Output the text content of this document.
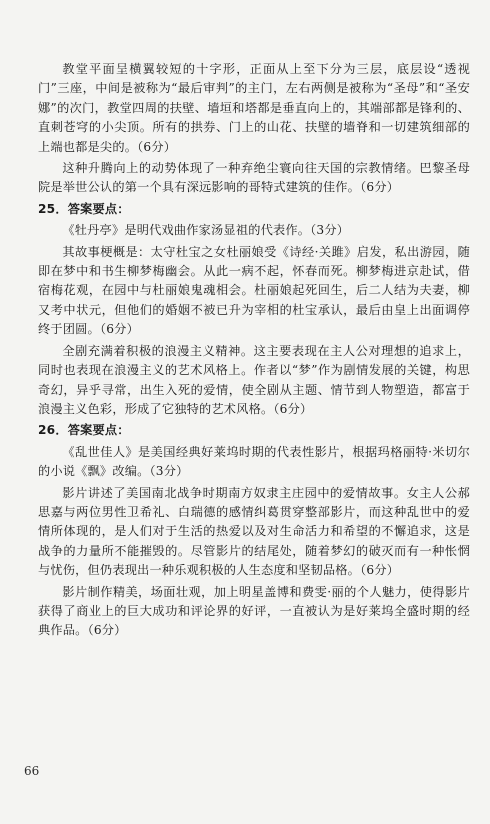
教堂平面呈横翼较短的十字形，正面从上至下分为三层，底层设“透视门”三座，中间是被称为“最后审判”的主门，左右两侧是被称为“圣母”和“圣安娜”的次门，教堂四周的扶壁、墙垣和塔都是垂直向上的，其端部都是锋利的、直刺苍穹的小尖顶。所有的拱券、门上的山花、扶壁的墙脊和一切建筑细部的上端也都是尖的。（6分）

这种升腾向上的动势体现了一种弃绝尘寰向往天国的宗教情绪。巴黎圣母院是举世公认的第一个具有深远影响的哥特式建筑的佳作。（6分）

25．答案要点：

《牡丹亭》是明代戏曲作家汤显祖的代表作。（3分）

其故事梗概是：太守杜宝之女杜丽娘受《诗经·关雎》启发，私出游园，随即在梦中和书生柳梦梅幽会。从此一病不起，怀春而死。柳梦梅进京赴试，借宿梅花观，在园中与杜丽娘鬼魂相会。杜丽娘起死回生，后二人结为夫妻，柳又考中状元，但他们的婚姻不被已升为宰相的杜宝承认，最后由皇上出面调停终于团圆。（6分）

全剧充满着积极的浪漫主义精神。这主要表现在主人公对理想的追求上，同时也表现在浪漫主义的艺术风格上。作者以“梦”作为剧情发展的关键，构思奇幻，异乎寻常，出生入死的爱情，使全剧从主题、情节到人物塑造，都富于浪漫主义色彩，形成了它独特的艺术风格。（6分）

26．答案要点：

《乱世佳人》是美国经典好莱坞时期的代表性影片，根据玛格丽特·米切尔的小说《飘》改编。（3分）

影片讲述了美国南北战争时期南方奴隶主庄园中的爱情故事。女主人公郝思嘉与两位男性卫希礼、白瑞德的感情纠葛贯穿整部影片，而这种乱世中的爱情所体现的，是人们对于生活的热爱以及对生命活力和希望的不懈追求，这是战争的力量所不能摧毁的。尽管影片的结尾处，随着梦幻的破灭而有一种怅惘与忧伤，但仍表现出一种乐观积极的人生态度和坚韧品格。（6分）

影片制作精美，场面壮观，加上明星盖博和费雯·丽的个人魅力，使得影片获得了商业上的巨大成功和评论界的好评，一直被认为是好莱坞全盛时期的经典作品。（6分）

66
